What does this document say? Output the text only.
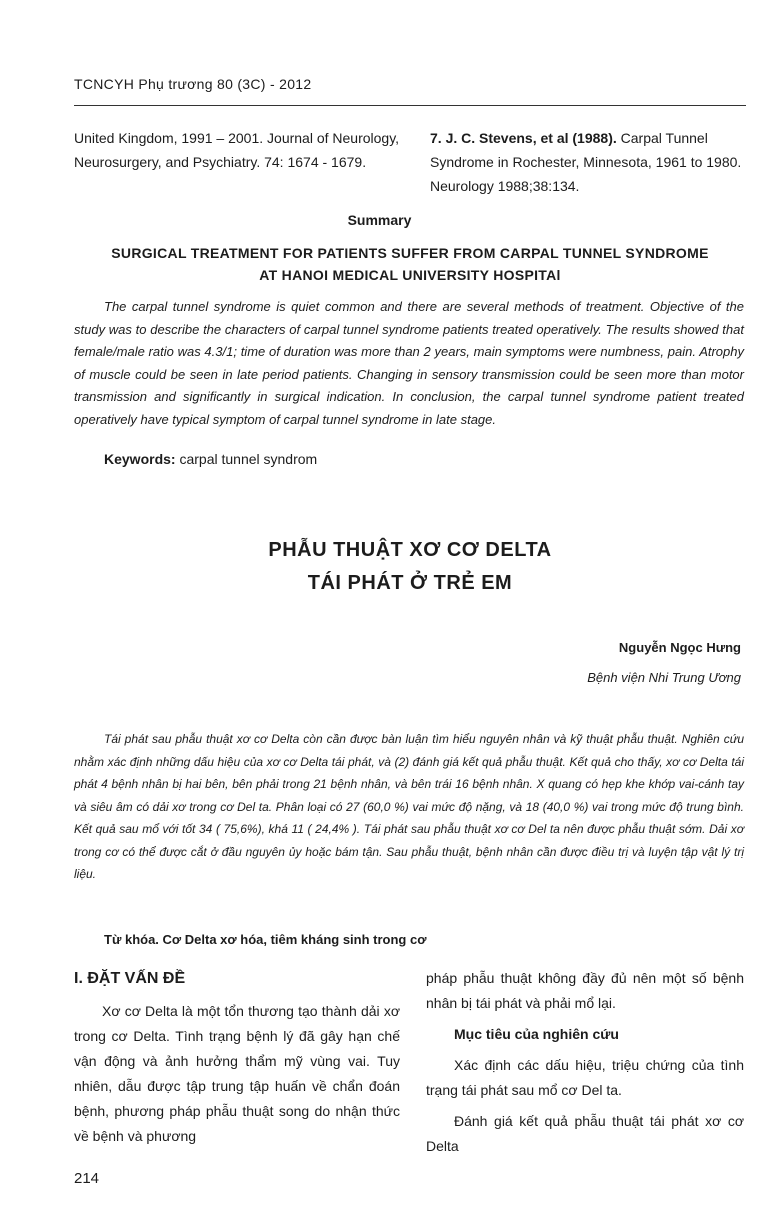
TCNCYH Phụ trương 80 (3C) - 2012
United Kingdom, 1991 – 2001. Journal of Neurology, Neurosurgery, and Psychiatry. 74: 1674 - 1679.
7. J. C. Stevens, et al (1988). Carpal Tunnel Syndrome in Rochester, Minnesota, 1961 to 1980. Neurology 1988;38:134.
Summary
SURGICAL TREATMENT FOR PATIENTS SUFFER FROM CARPAL TUNNEL SYNDROME
AT HANOI MEDICAL UNIVERSITY HOSPITAl
The carpal tunnel syndrome is quiet common and there are several methods of treatment. Objective of the study was to describe the characters of carpal tunnel syndrome patients treated operatively. The results showed that female/male ratio was 4.3/1; time of duration was more than 2 years, main symptoms were numbness, pain. Atrophy of muscle could be seen in late period patients. Changing in sensory transmission could be seen more than motor transmission and significantly in surgical indication. In conclusion, the carpal tunnel syndrome patient treated operatively have typical symptom of carpal tunnel syndrome in late stage.
Keywords: carpal tunnel syndrom
PHẪU THUẬT XƠ CƠ DELTA
TÁI PHÁT Ở TRẺ EM
Nguyễn Ngọc Hưng
Bệnh viện Nhi Trung Ương
Tái phát sau phẫu thuật xơ cơ Delta còn cần được bàn luận tìm hiểu nguyên nhân và kỹ thuật phẫu thuật. Nghiên cứu nhằm xác định những dấu hiệu của xơ cơ Delta tái phát, và (2) đánh giá kết quả phẫu thuật. Kết quả cho thấy, xơ cơ Delta tái phát 4 bệnh nhân bị hai bên, bên phải trong 21 bệnh nhân, và bên trái 16 bệnh nhân. X quang có hẹp khe khớp vai-cánh tay và siêu âm có dải xơ trong cơ Del ta. Phân loại có 27 (60,0 %) vai mức độ nặng, và 18 (40,0 %) vai trong mức độ trung bình. Kết quả sau mổ với tốt 34 ( 75,6%), khá 11 ( 24,4% ). Tái phát sau phẫu thuật xơ cơ Del ta nên được phẫu thuật sớm. Dải xơ trong cơ có thể được cắt ở đầu nguyên ủy hoặc bám tận. Sau phẫu thuật, bệnh nhân cần được điều trị và luyện tập vật lý trị liệu.
Từ khóa. Cơ Delta xơ hóa, tiêm kháng sinh trong cơ
I. ĐẶT VẤN ĐỀ

Xơ cơ Delta là một tổn thương tạo thành dải xơ trong cơ Delta. Tình trạng bệnh lý đã gây hạn chế vận động và ảnh hưởng thẩm mỹ vùng vai. Tuy nhiên, dẫu được tập trung tập huấn về chẩn đoán bệnh, phương pháp phẫu thuật song do nhận thức về bệnh và phương

pháp phẫu thuật không đầy đủ nên một số bệnh nhân bị tái phát và phải mổ lại.

Mục tiêu của nghiên cứu

Xác định các dấu hiệu, triệu chứng của tình trạng tái phát sau mổ cơ Del ta.

Đánh giá kết quả phẫu thuật tái phát xơ cơ Delta

214
